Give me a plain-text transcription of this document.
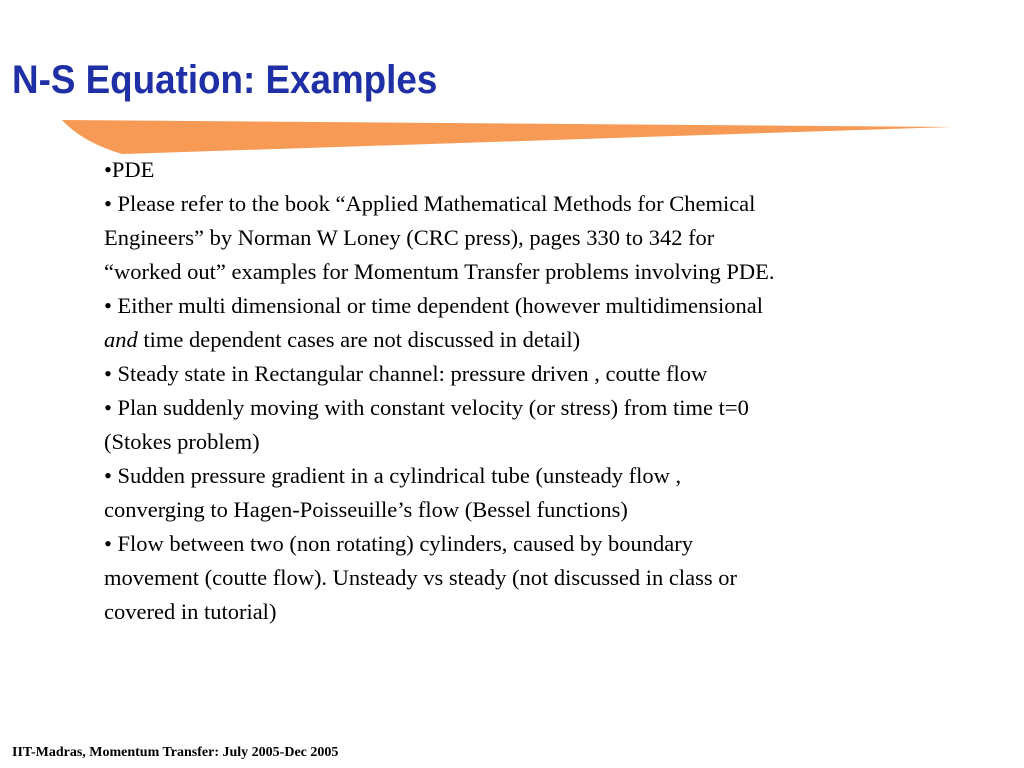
N-S Equation: Examples
•PDE
• Please refer to the book “Applied Mathematical Methods for Chemical
Engineers” by Norman W Loney (CRC press), pages 330 to 342 for
“worked out” examples for Momentum Transfer problems involving PDE.
• Either multi dimensional or time dependent (however multidimensional
and time dependent cases are not discussed in detail)
• Steady state in Rectangular channel: pressure driven , coutte flow
• Plan suddenly moving with constant velocity (or stress) from time t=0
(Stokes problem)
• Sudden pressure gradient in a cylindrical tube (unsteady flow ,
converging to Hagen-Poisseuille’s flow (Bessel functions)
• Flow between two (non rotating) cylinders, caused by boundary
movement (coutte flow). Unsteady vs steady (not discussed in class or
covered in tutorial)
IIT-Madras, Momentum Transfer: July 2005-Dec 2005
